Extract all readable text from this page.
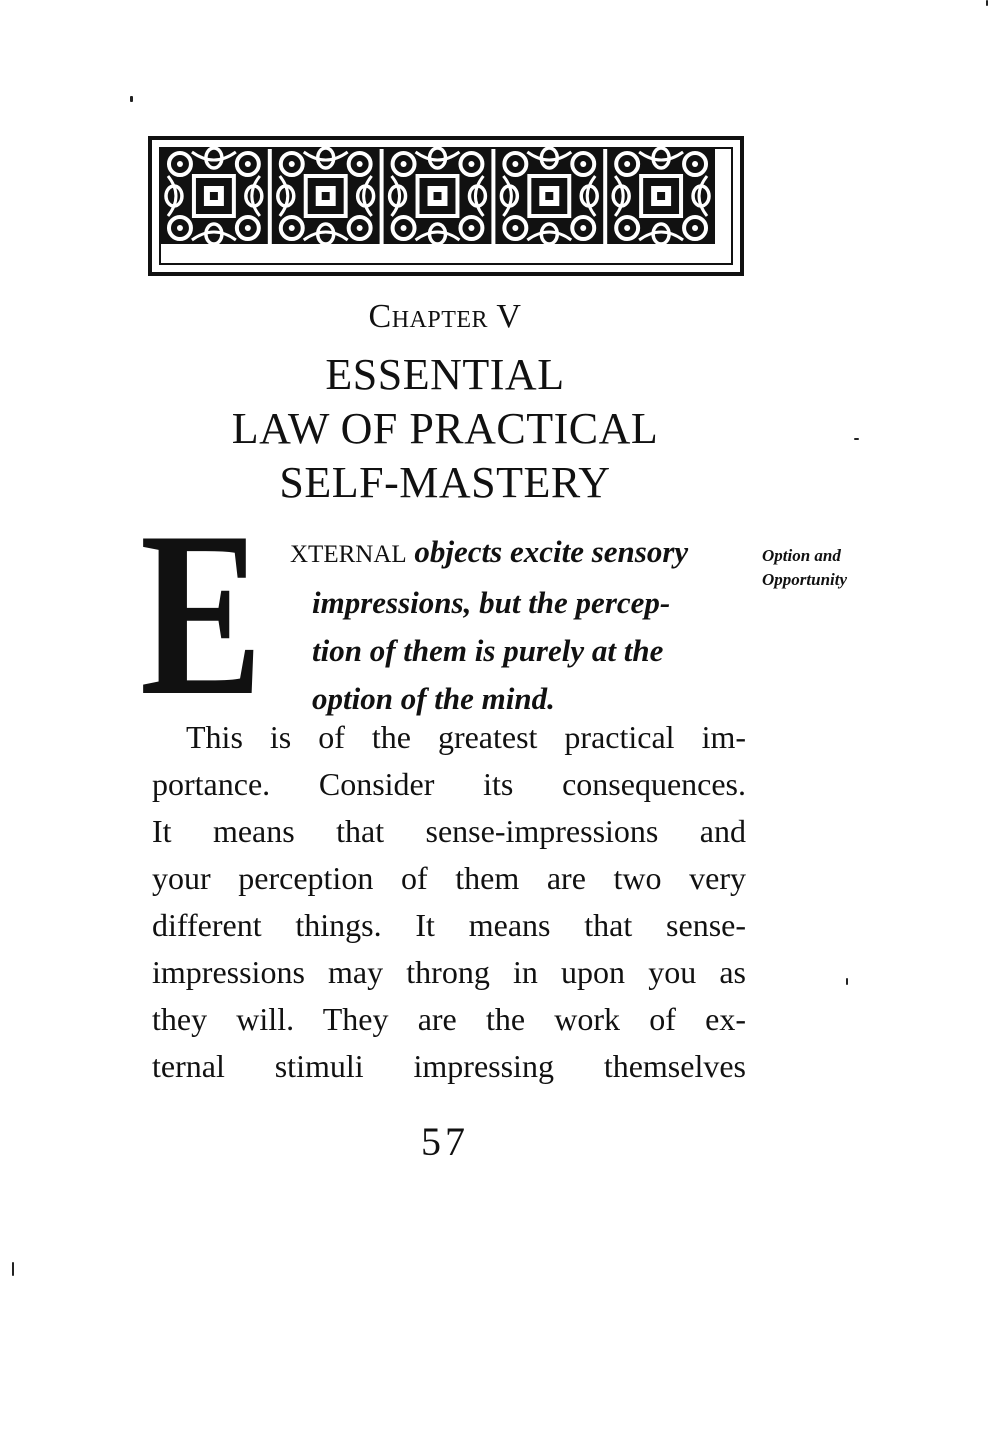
Chapter V
ESSENTIAL
LAW OF PRACTICAL
SELF-MASTERY
E XTERNAL objects excite sensory
impressions, but the percep-
tion of them is purely at the
option of the mind.
Option and
Opportunity
This is of the greatest practical im-
portance. Consider its consequences.
It means that sense-impressions and
your perception of them are two very
different things. It means that sense-
impressions may throng in upon you as
they will. They are the work of ex-
ternal stimuli impressing themselves
57
